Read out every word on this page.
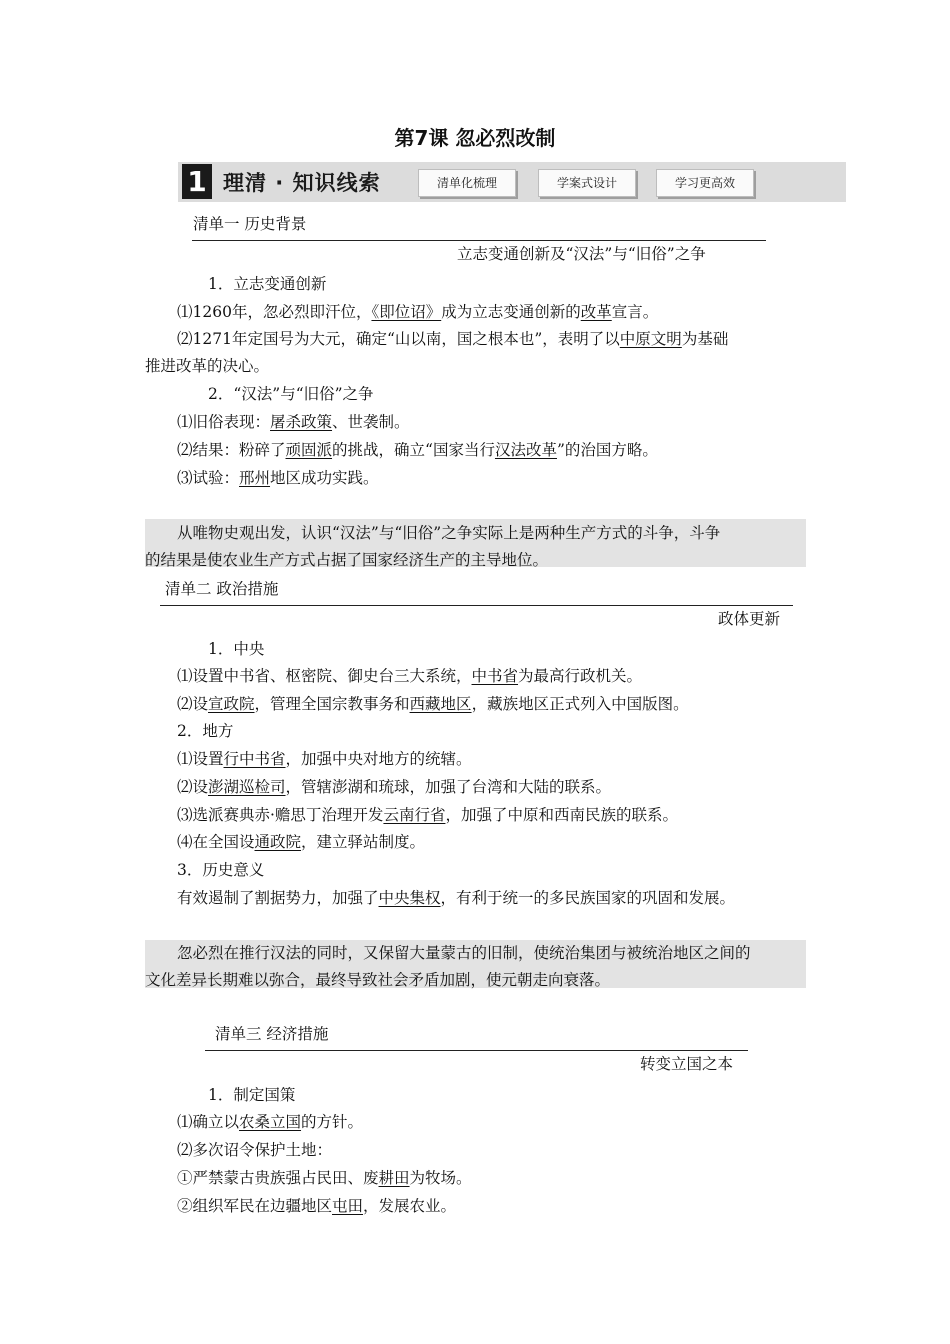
第7课 忽必烈改制
1 理清 · 知识线索	清单化梳理	学案式设计	学习更高效
清单一 历史背景
立志变通创新及“汉法”与“旧俗”之争
1．立志变通创新
⑴1260年，忽必烈即汗位，《即位诏》成为立志变通创新的改革宣言。
⑵1271年定国号为大元，确定“山以南，国之根本也”，表明了以中原文明为基础
推进改革的决心。
2．“汉法”与“旧俗”之争
⑴旧俗表现：屠杀政策、世袭制。
⑵结果：粉碎了顽固派的挑战，确立“国家当行汉法改革”的治国方略。
⑶试验：邢州地区成功实践。
从唯物史观出发，认识“汉法”与“旧俗”之争实际上是两种生产方式的斗争，斗争
的结果是使农业生产方式占据了国家经济生产的主导地位。
清单二 政治措施
政体更新
1．中央
⑴设置中书省、枢密院、御史台三大系统，中书省为最高行政机关。
⑵设宣政院，管理全国宗教事务和西藏地区，藏族地区正式列入中国版图。
2．地方
⑴设置行中书省，加强中央对地方的统辖。
⑵设澎湖巡检司，管辖澎湖和琉球，加强了台湾和大陆的联系。
⑶选派赛典赤·赡思丁治理开发云南行省，加强了中原和西南民族的联系。
⑷在全国设通政院，建立驿站制度。
3．历史意义
有效遏制了割据势力，加强了中央集权，有利于统一的多民族国家的巩固和发展。
忽必烈在推行汉法的同时，又保留大量蒙古的旧制，使统治集团与被统治地区之间的
文化差异长期难以弥合，最终导致社会矛盾加剧，使元朝走向衰落。
清单三 经济措施
转变立国之本
1．制定国策
⑴确立以农桑立国的方针。
⑵多次诏令保护土地：
①严禁蒙古贵族强占民田、废耕田为牧场。
②组织军民在边疆地区屯田，发展农业。
